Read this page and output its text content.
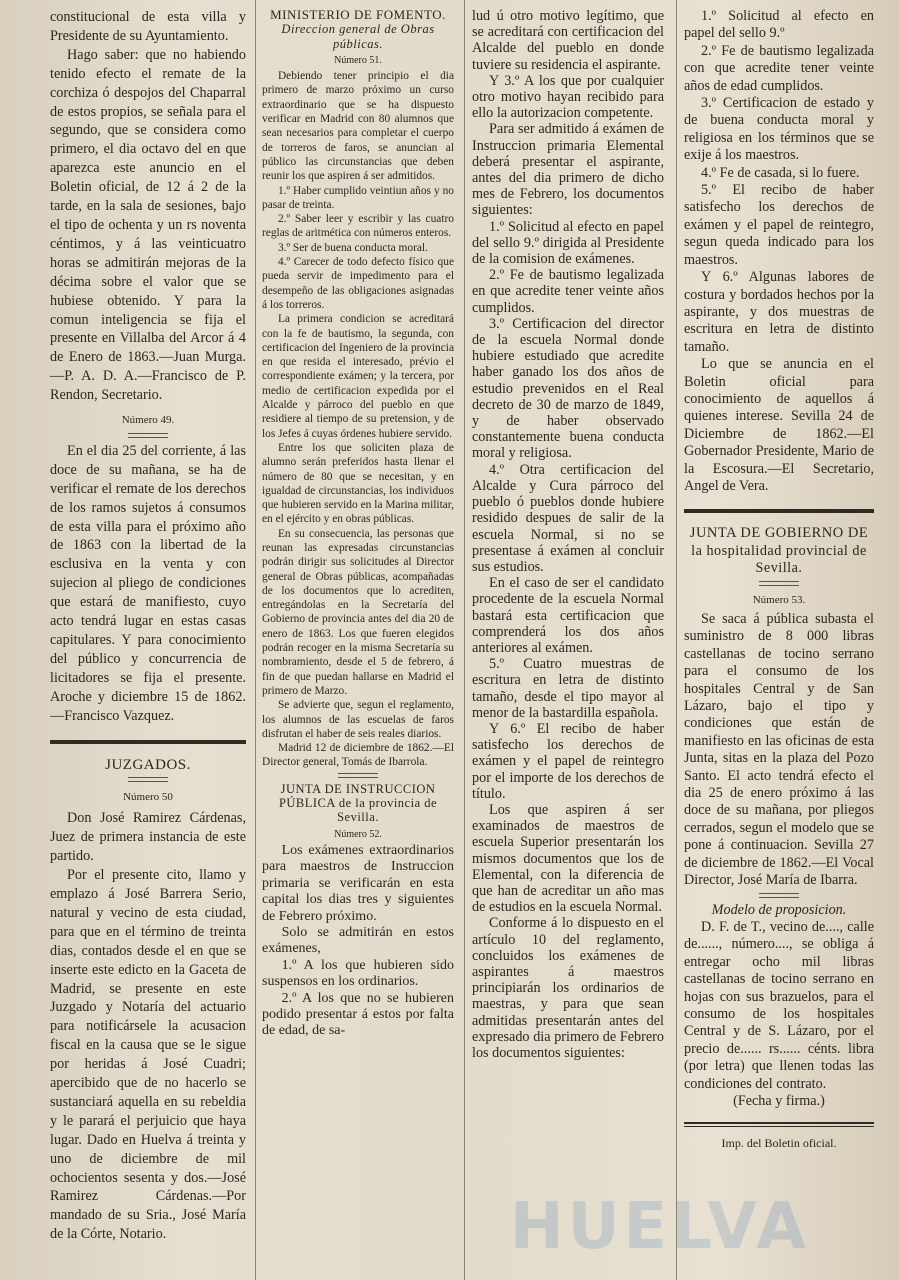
constitucional de esta villa y Presidente de su Ayuntamiento.

Hago saber: que no habiendo tenido efecto el remate de la corchiza ó despojos del Chaparral de estos propios, se señala para el segundo, que se considera como primero, el dia octavo del en que aparezca este anuncio en el Boletin oficial, de 12 á 2 de la tarde, en la sala de sesiones, bajo el tipo de ochenta y un rs noventa céntimos, y á las veinticuatro horas se admitirán mejoras de la décima sobre el valor que se hubiese obtenido. Y para la comun inteligencia se fija el presente en Villalba del Arcor á 4 de Enero de 1863.—Juan Murga.—P. A. D. A.—Francisco de P. Rendon, Secretario.

Número 49.

En el dia 25 del corriente, á las doce de su mañana, se ha de verificar el remate de los derechos de los ramos sujetos á consumos de esta villa para el próximo año de 1863 con la libertad de la esclusiva en la venta y con sujecion al pliego de condiciones que estará de manifiesto, cuyo acto tendrá lugar en estas casas capitulares. Y para conocimiento del público y concurrencia de licitadores se fija el presente. Aroche y diciembre 15 de 1862.—Francisco Vazquez.

JUZGADOS.
Número 50

Don José Ramirez Cárdenas, Juez de primera instancia de este partido.

Por el presente cito, llamo y emplazo á José Barrera Serio, natural y vecino de esta ciudad, para que en el término de treinta dias, contados desde el en que se inserte este edicto en la Gaceta de Madrid, se presente en este Juzgado y Notaría del actuario para notificársele la acusacion fiscal en la causa que se le sigue por heridas á José Cuadri; apercibido que de no hacerlo se sustanciará aquella en su rebeldia y le parará el perjuicio que haya lugar. Dado en Huelva á treinta y uno de diciembre de mil ochocientos sesenta y dos.—José Ramirez Cárdenas.—Por mandado de su Sria., José María de la Córte, Notario.

MINISTERIO DE FOMENTO.
Direccion general de Obras públicas.
Número 51.

Debiendo tener principio el dia primero de marzo próximo un curso extraordinario que se ha dispuesto verificar en Madrid con 80 alumnos que sean necesarios para completar el cuerpo de torreros de faros, se anuncian al público las circunstancias que deben reunir los que aspiren á ser admitidos.

1.º Haber cumplido veintiun años y no pasar de treinta.

2.º Saber leer y escribir y las cuatro reglas de aritmética con números enteros.

3.º Ser de buena conducta moral.

4.º Carecer de todo defecto físico que pueda servir de impedimento para el desempeño de las obligaciones asignadas á los torreros.

La primera condicion se acreditará con la fe de bautismo, la segunda, con certificacion del Ingeniero de la provincia en que resida el interesado, prévio el correspondiente exámen; y la tercera, por medio de certificacion expedida por el Alcalde y párroco del pueblo en que residiere al tiempo de su pretension, y de los Jefes á cuyas órdenes hubiere servido.

Entre los que soliciten plaza de alumno serán preferidos hasta llenar el número de 80 que se necesitan, y en igualdad de circunstancias, los individuos que hubieren servido en la Marina militar, en el ejército y en obras públicas.

En su consecuencia, las personas que reunan las expresadas circunstancias podrán dirigir sus solicitudes al Director general de Obras públicas, acompañadas de los documentos que lo acrediten, entregándolas en la Secretaría del Gobierno de provincia antes del dia 20 de enero de 1863. Los que fueren elegidos podrán recoger en la misma Secretaría su nombramiento, desde el 5 de febrero, á fin de que puedan hallarse en Madrid el primero de Marzo.

Se advierte que, segun el reglamento, los alumnos de las escuelas de faros disfrutan el haber de seis reales diarios.

Madrid 12 de diciembre de 1862.—El Director general, Tomás de Ibarrola.

JUNTA DE INSTRUCCION PÚBLICA de la provincia de Sevilla.
Número 52.

Los exámenes extraordinarios para maestros de Instruccion primaria se verificarán en esta capital los dias tres y siguientes de Febrero próximo.

Solo se admitirán en estos exámenes,

1.º A los que hubieren sido suspensos en los ordinarios.

2.º A los que no se hubieren podido presentar á estos por falta de edad, de sa-

lud ú otro motivo legítimo, que se acreditará con certificacion del Alcalde del pueblo en donde tuviere su residencia el aspirante.

Y 3.º A los que por cualquier otro motivo hayan recibido para ello la autorizacion competente.

Para ser admitido á exámen de Instruccion primaria Elemental deberá presentar el aspirante, antes del dia primero de dicho mes de Febrero, los documentos siguientes:

1.º Solicitud al efecto en papel del sello 9.º dirigida al Presidente de la comision de exámenes.

2.º Fe de bautismo legalizada en que acredite tener veinte años cumplidos.

3.º Certificacion del director de la escuela Normal donde hubiere estudiado que acredite haber ganado los dos años de estudio prevenidos en el Real decreto de 30 de marzo de 1849, y de haber observado constantemente buena conducta moral y religiosa.

4.º Otra certificacion del Alcalde y Cura párroco del pueblo ó pueblos donde hubiere residido despues de salir de la escuela Normal, si no se presentase á exámen al concluir sus estudios.

En el caso de ser el candidato procedente de la escuela Normal bastará esta certificacion que comprenderá los dos años anteriores al exámen.

5.º Cuatro muestras de escritura en letra de distinto tamaño, desde el tipo mayor al menor de la bastardilla española.

Y 6.º El recibo de haber satisfecho los derechos de exámen y el papel de reintegro por el importe de los derechos de título.

Los que aspiren á ser examinados de maestros de escuela Superior presentarán los mismos documentos que los de Elemental, con la diferencia de que han de acreditar un año mas de estudios en la escuela Normal.

Conforme á lo dispuesto en el artículo 10 del reglamento, concluidos los exámenes de aspirantes á maestros principiarán los ordinarios de maestras, y para que sean admitidas presentarán antes del expresado dia primero de Febrero los documentos siguientes:

1.º Solicitud al efecto en papel del sello 9.º

2.º Fe de bautismo legalizada con que acredite tener veinte años de edad cumplidos.

3.º Certificacion de estado y de buena conducta moral y religiosa en los términos que se exije á los maestros.

4.º Fe de casada, si lo fuere.

5.º El recibo de haber satisfecho los derechos de exámen y el papel de reintegro, segun queda indicado para los maestros.

Y 6.º Algunas labores de costura y bordados hechos por la aspirante, y dos muestras de escritura en letra de distinto tamaño.

Lo que se anuncia en el Boletin oficial para conocimiento de aquellos á quienes interese. Sevilla 24 de Diciembre de 1862.—El Gobernador Presidente, Mario de la Escosura.—El Secretario, Angel de Vera.

JUNTA DE GOBIERNO DE
la hospitalidad provincial de Sevilla.
Número 53.

Se saca á pública subasta el suministro de 8 000 libras castellanas de tocino serrano para el consumo de los hospitales Central y de San Lázaro, bajo el tipo y condiciones que están de manifiesto en las oficinas de esta Junta, sitas en la plaza del Pozo Santo. El acto tendrá efecto el dia 25 de enero próximo á las doce de su mañana, por pliegos cerrados, segun el modelo que se pone á continuacion. Sevilla 27 de diciembre de 1862.—El Vocal Director, José María de Ibarra.

Modelo de proposicion.

D. F. de T., vecino de...., calle de......, número...., se obliga á entregar ocho mil libras castellanas de tocino serrano en hojas con sus brazuelos, para el consumo de los hospitales Central y de S. Lázaro, por el precio de...... rs...... cénts. libra (por letra) que llenen todas las condiciones del contrato.

(Fecha y firma.)
Imp. del Boletin oficial.
HUELVA
